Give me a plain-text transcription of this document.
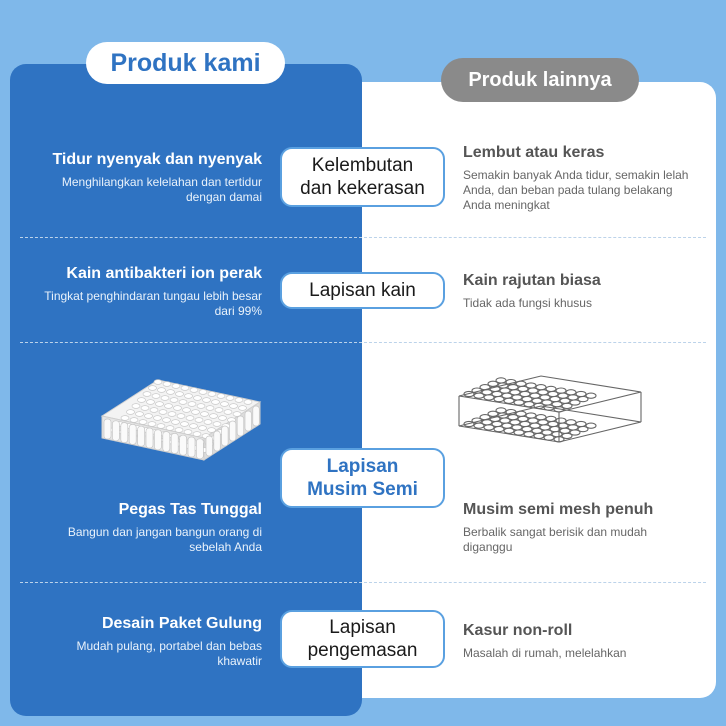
Produk kami
Produk lainnya
Tidur nyenyak dan nyenyak
Menghilangkan kelelahan dan tertidur dengan damai
Kelembutan
dan kekerasan
Lembut atau keras
Semakin banyak Anda tidur, semakin lelah Anda, dan beban pada tulang belakang Anda meningkat
Kain antibakteri ion perak
Tingkat penghindaran tungau lebih besar dari 99%
Lapisan kain	Kain rajutan biasa
Tidak ada fungsi khusus
Pegas Tas Tunggal
Bangun dan jangan bangun orang di sebelah Anda
Lapisan
Musim Semi
Musim semi mesh penuh
Berbalik sangat berisik dan mudah diganggu
Desain Paket Gulung
Mudah pulang, portabel dan bebas khawatir
Lapisan
pengemasan
Kasur non-roll
Masalah di rumah, melelahkan
